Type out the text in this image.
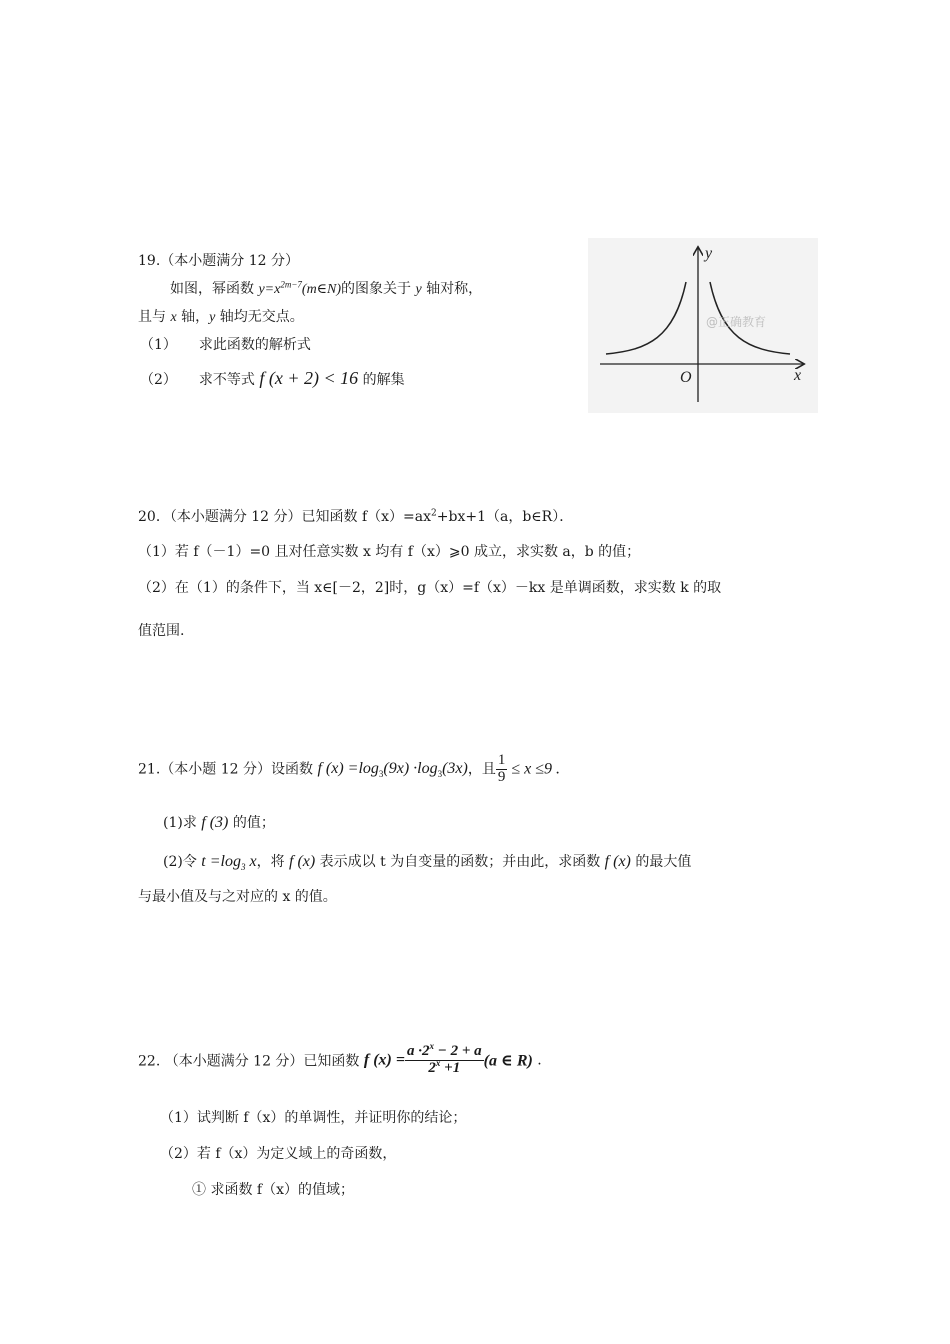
19.（本小题满分 12 分）
如图，幂函数 $y=x^{2m-7}(m\in N)$的图象关于 y 轴对称，
且与 x 轴，y 轴均无交点。
（1） 求此函数的解析式
（2） 求不等式 f (x + 2) < 16 的解集
y
x
O
@正确教育
20．（本小题满分 12 分）已知函数 $f(x)=ax^2+bx+1(a$，b∈R）．
（1）若 f（－1）=0 且对任意实数 x 均有 f（x）⩾0 成立，求实数 a，b 的值；
（2）在（1）的条件下，当 x∈[－2，2]时，g（x）=f（x）－kx 是单调函数，求实数 k 的取
值范围.
21.（本小题 12 分）设函数 f $(x) =\log_3(9x) \cdot\log_3(3x)$，且 $\frac{1}{9} \le x \le 9$ .
(1)求 f (3) 的值；
(2)令 $t =\log_3$ x，将 f (x) 表示成以 t 为自变量的函数；并由此，求函数 f (x) 的最大值
与最小值及与之对应的 x 的值。
22. （本小题满分 12 分）已知函数 f $(x) = \frac{a \cdot 2^x - 2 + a}{2^x +1} (a$ ∈ R) .
（1）试判断 f（x）的单调性，并证明你的结论；
（2）若 f（x）为定义域上的奇函数，
① 求函数 f（x）的值域；
